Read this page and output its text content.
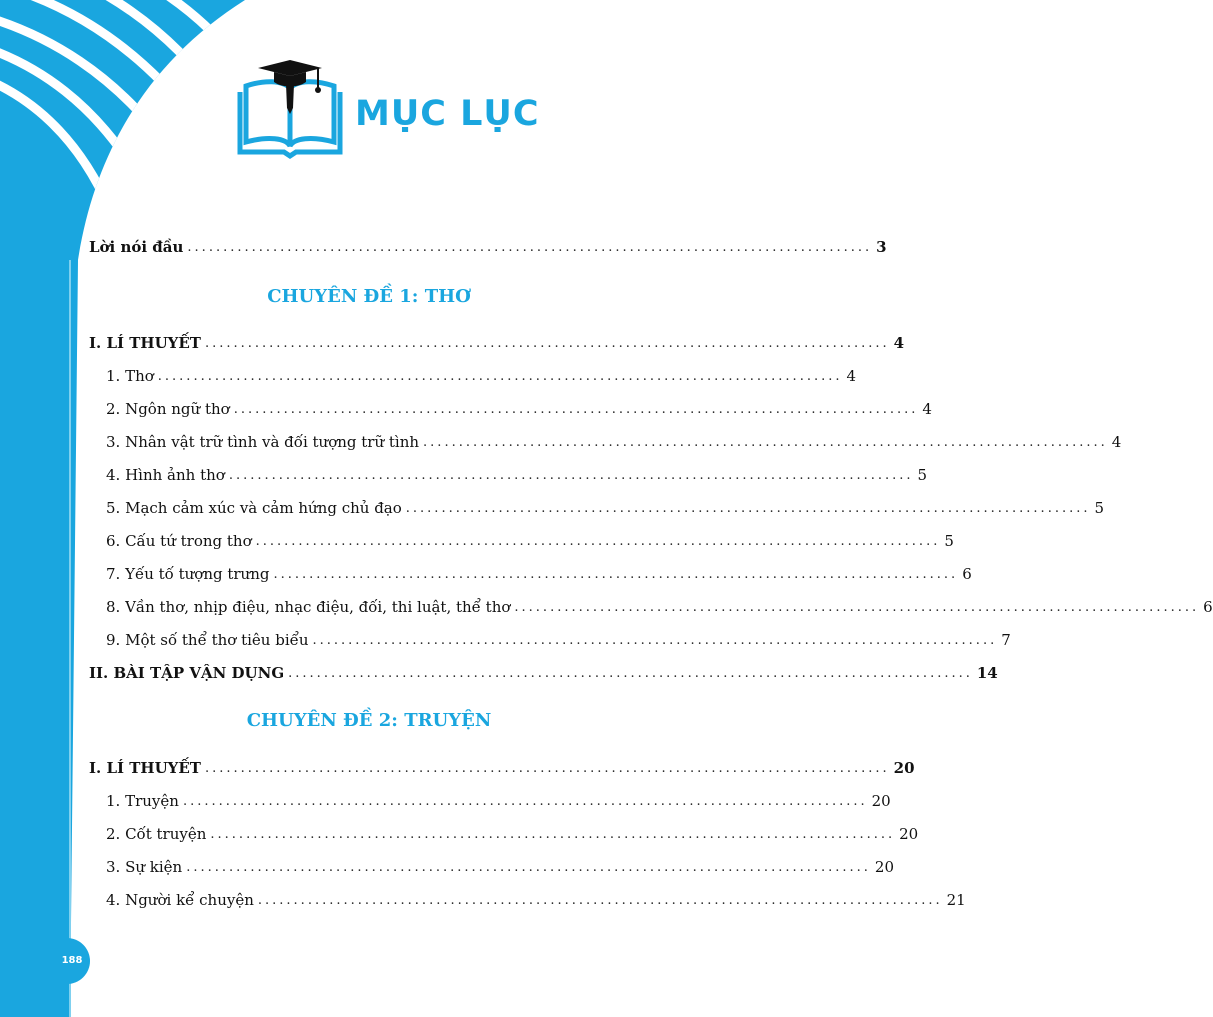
MỤC LỤC
Lời nói đầu ................................................................................................ 3
CHUYÊN ĐỀ 1: THƠ
I. LÍ THUYẾT ................................................................................................ 4
1. Thơ ................................................................................................ 4
2. Ngôn ngữ thơ ................................................................................................ 4
3. Nhân vật trữ tình và đối tượng trữ tình ................................................................................................ 4
4. Hình ảnh thơ ................................................................................................ 5
5. Mạch cảm xúc và cảm hứng chủ đạo ................................................................................................ 5
6. Cấu tứ trong thơ ................................................................................................ 5
7. Yếu tố tượng trưng ................................................................................................ 6
8. Vần thơ, nhịp điệu, nhạc điệu, đối, thi luật, thể thơ ................................................................................................ 6
9. Một số thể thơ tiêu biểu ................................................................................................ 7
II. BÀI TẬP VẬN DỤNG ................................................................................................ 14
CHUYÊN ĐỀ 2: TRUYỆN
I. LÍ THUYẾT ................................................................................................ 20
1. Truyện ................................................................................................ 20
2. Cốt truyện ................................................................................................ 20
3. Sự kiện ................................................................................................ 20
4. Người kể chuyện ................................................................................................ 21
188
